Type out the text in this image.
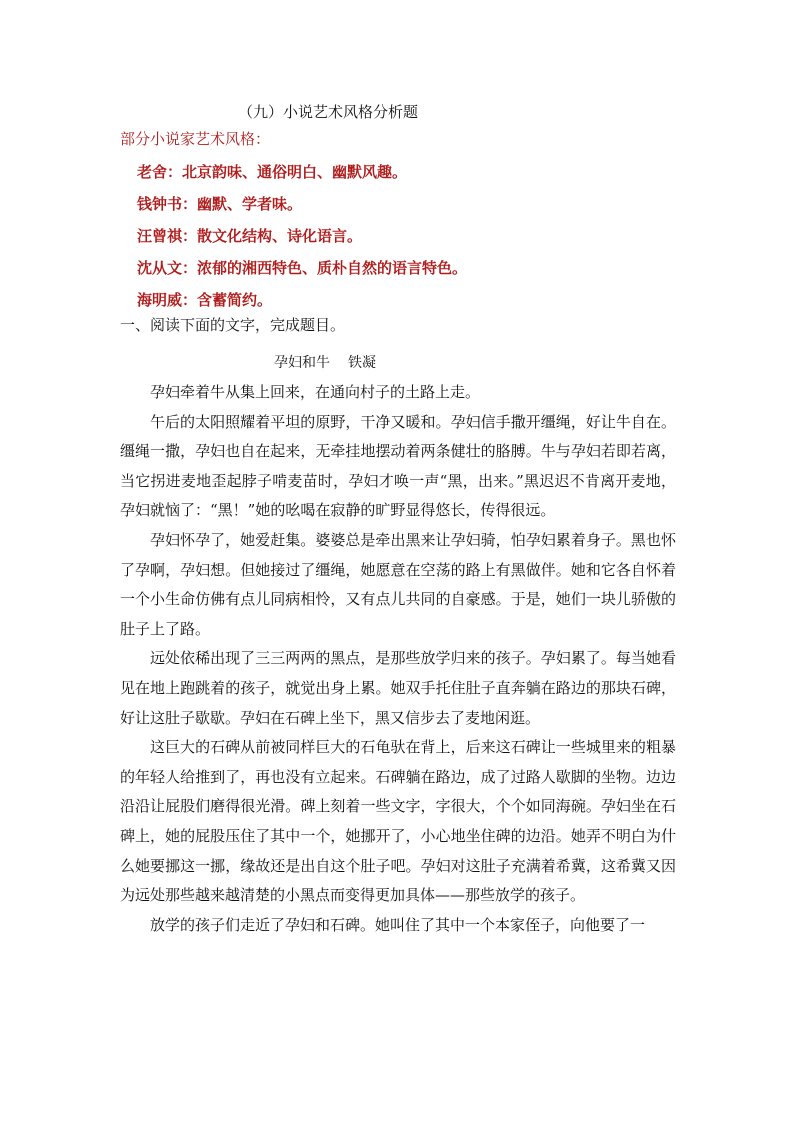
（九）小说艺术风格分析题
部分小说家艺术风格：
老舍：北京韵味、通俗明白、幽默风趣。
钱钟书：幽默、学者味。
汪曾祺：散文化结构、诗化语言。
沈从文：浓郁的湘西特色、质朴自然的语言特色。
海明威：含蓄简约。
一、阅读下面的文字，完成题目。
孕妇和牛 铁凝

孕妇牵着牛从集上回来，在通向村子的土路上走。

午后的太阳照耀着平坦的原野，干净又暖和。孕妇信手撒开缰绳，好让牛自在。缰绳一撒，孕妇也自在起来，无牵挂地摆动着两条健壮的胳膊。牛与孕妇若即若离，当它拐进麦地歪起脖子啃麦苗时，孕妇才唤一声“黑，出来。”黑迟迟不肯离开麦地，孕妇就恼了：“黑！”她的吆喝在寂静的旷野显得悠长，传得很远。

孕妇怀孕了，她爱赶集。婆婆总是牵出黑来让孕妇骑，怕孕妇累着身子。黑也怀了孕啊，孕妇想。但她接过了缰绳，她愿意在空荡的路上有黑做伴。她和它各自怀着一个小生命仿佛有点儿同病相怜，又有点儿共同的自豪感。于是，她们一块儿骄傲的肚子上了路。

远处依稀出现了三三两两的黑点，是那些放学归来的孩子。孕妇累了。每当她看见在地上跑跳着的孩子，就觉出身上累。她双手托住肚子直奔躺在路边的那块石碑，好让这肚子歇歇。孕妇在石碑上坐下，黑又信步去了麦地闲逛。

这巨大的石碑从前被同样巨大的石龟驮在背上，后来这石碑让一些城里来的粗暴的年轻人给推到了，再也没有立起来。石碑躺在路边，成了过路人歇脚的坐物。边边沿沿让屁股们磨得很光滑。碑上刻着一些文字，字很大，个个如同海碗。孕妇坐在石碑上，她的屁股压住了其中一个，她挪开了，小心地坐住碑的边沿。她弄不明白为什么她要挪这一挪，缘故还是出自这个肚子吧。孕妇对这肚子充满着希冀，这希冀又因为远处那些越来越清楚的小黑点而变得更加具体——那些放学的孩子。

放学的孩子们走近了孕妇和石碑。她叫住了其中一个本家侄子，向他要了一
